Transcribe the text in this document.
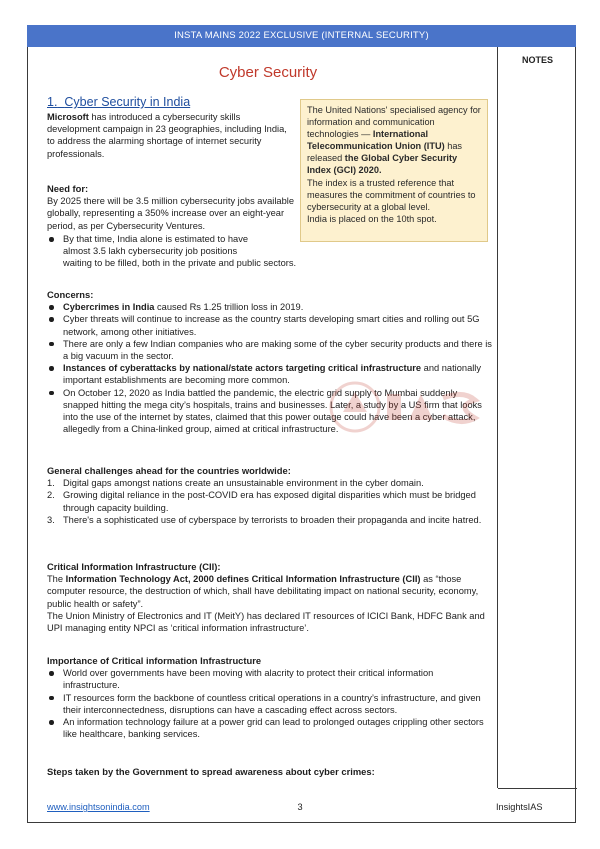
INSTA MAINS 2022 EXCLUSIVE (INTERNAL SECURITY)
NOTES
Cyber Security
1. Cyber Security in India
The United Nations' specialised agency for information and communication technologies — International Telecommunication Union (ITU) has released the Global Cyber Security Index (GCI) 2020.
The index is a trusted reference that measures the commitment of countries to cybersecurity at a global level.
India is placed on the 10th spot.
Microsoft has introduced a cybersecurity skills development campaign in 23 geographies, including India, to address the alarming shortage of internet security professionals.
Need for:
By 2025 there will be 3.5 million cybersecurity jobs available globally, representing a 350% increase over an eight-year period, as per Cybersecurity Ventures.
By that time, India alone is estimated to have
almost 3.5 lakh cybersecurity job positions
waiting to be filled, both in the private and public sectors.
Concerns:
Cybercrimes in India caused Rs 1.25 trillion loss in 2019.
Cyber threats will continue to increase as the country starts developing smart cities and rolling out 5G network, among other initiatives.
There are only a few Indian companies who are making some of the cyber security products and there is a big vacuum in the sector.
Instances of cyberattacks by national/state actors targeting critical infrastructure and nationally important establishments are becoming more common.
On October 12, 2020 as India battled the pandemic, the electric grid supply to Mumbai suddenly snapped hitting the mega city’s hospitals, trains and businesses. Later, a study by a US firm that looks into the use of the internet by states, claimed that this power outage could have been a cyber attack, allegedly from a China-linked group, aimed at critical infrastructure.
General challenges ahead for the countries worldwide:
1. Digital gaps amongst nations create an unsustainable environment in the cyber domain.
2. Growing digital reliance in the post-COVID era has exposed digital disparities which must be bridged through capacity building.
3. There's a sophisticated use of cyberspace by terrorists to broaden their propaganda and incite hatred.
Critical Information Infrastructure (CII):
The Information Technology Act, 2000 defines Critical Information Infrastructure (CII) as “those computer resource, the destruction of which, shall have debilitating impact on national security, economy, public health or safety”.
The Union Ministry of Electronics and IT (MeitY) has declared IT resources of ICICI Bank, HDFC Bank and UPI managing entity NPCI as ‘critical information infrastructure’.
Importance of Critical information Infrastructure
World over governments have been moving with alacrity to protect their critical information infrastructure.
IT resources form the backbone of countless critical operations in a country’s infrastructure, and given their interconnectedness, disruptions can have a cascading effect across sectors.
An information technology failure at a power grid can lead to prolonged outages crippling other sectors like healthcare, banking services.
Steps taken by the Government to spread awareness about cyber crimes:
www.insightsonindia.com	3	InsightsIAS
